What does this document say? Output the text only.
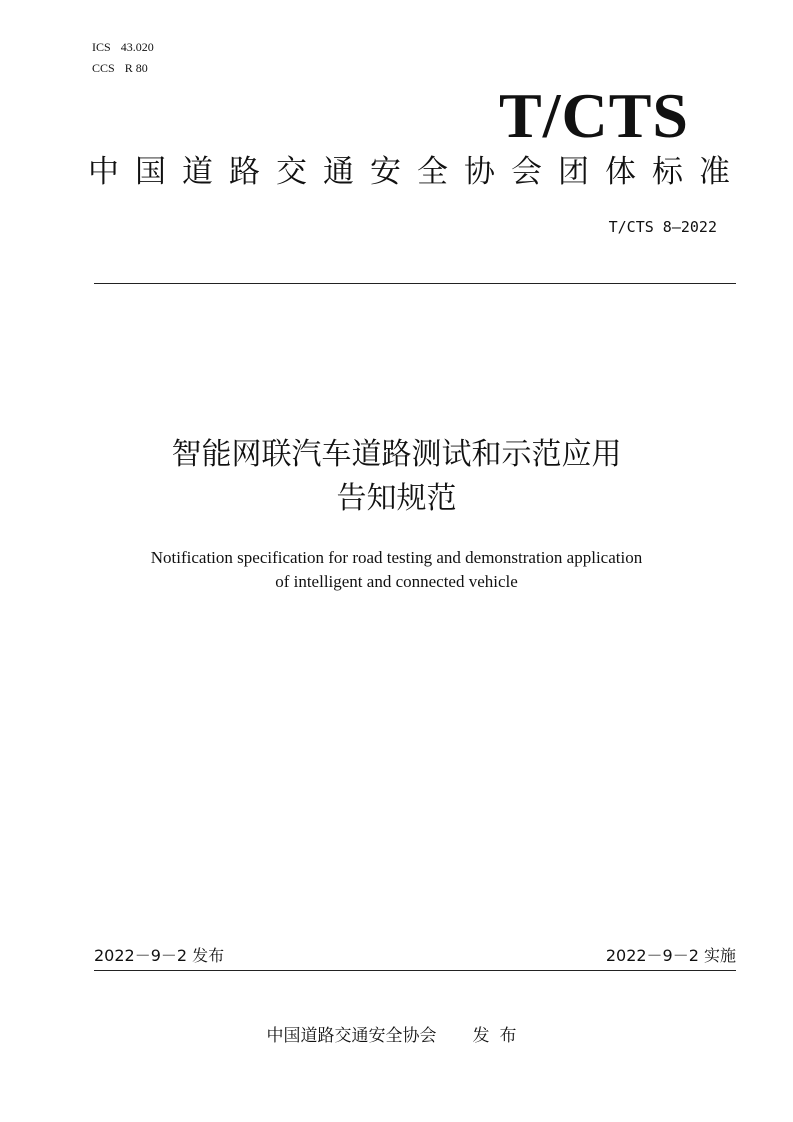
ICS 43.020
CCS R 80
T/CTS
中 国 道 路 交 通 安 全 协 会 团 体 标 准
T/CTS 8—2022
智能网联汽车道路测试和示范应用
告知规范
Notification specification for road testing and demonstration application
of intelligent and connected vehicle
2022－9－2 发布	2022－9－2 实施
中国道路交通安全协会 发布
